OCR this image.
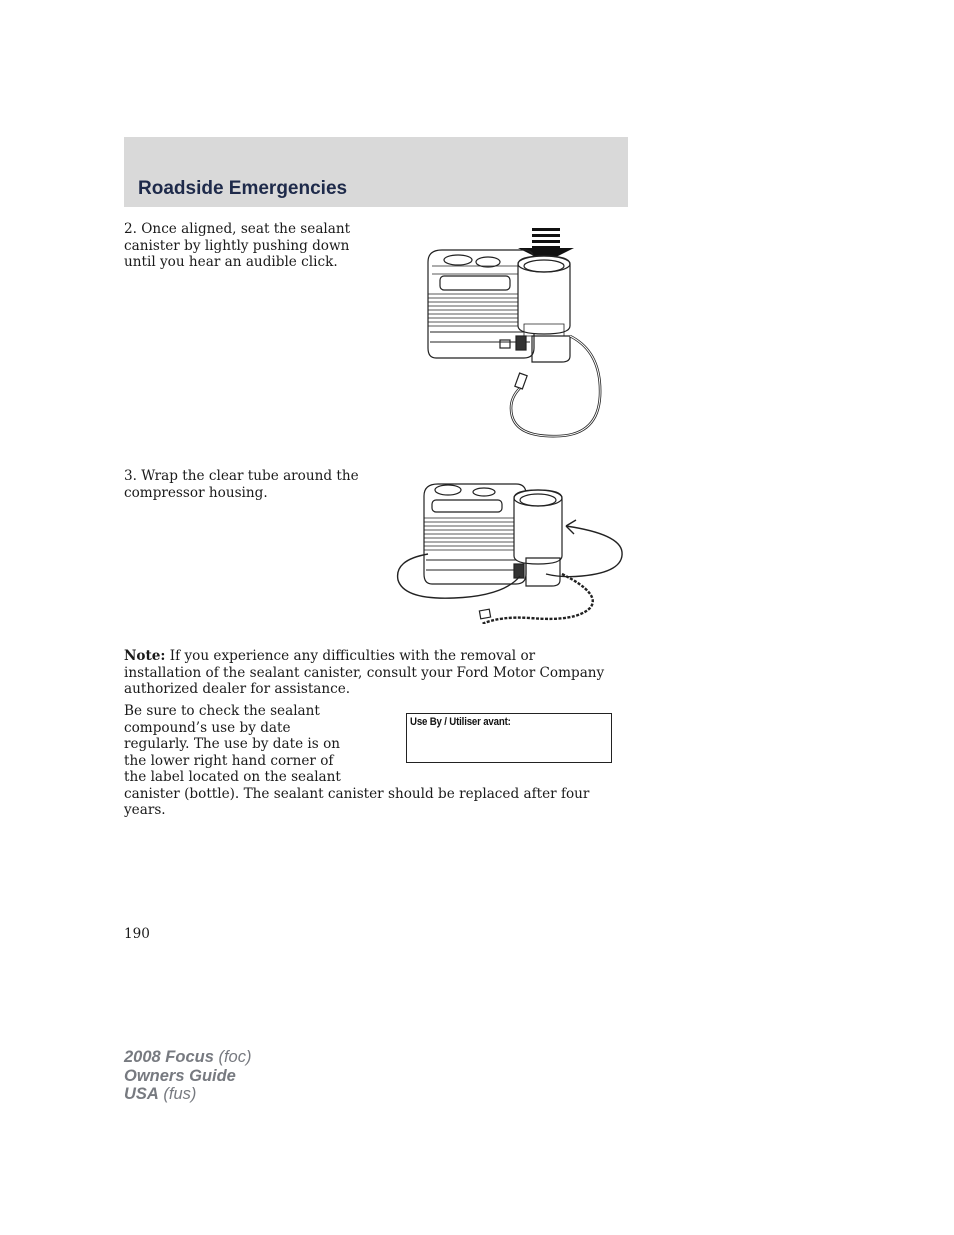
Roadside Emergencies
2. Once aligned, seat the sealant canister by lightly pushing down until you hear an audible click.
3. Wrap the clear tube around the compressor housing.
Note: If you experience any difficulties with the removal or installation of the sealant canister, consult your Ford Motor Company authorized dealer for assistance.
Be sure to check the sealant compound’s use by date regularly. The use by date is on the lower right hand corner of the label located on the sealant canister (bottle). The sealant canister should be replaced after four years.
Use By / Utiliser avant:
190
2008 Focus (foc)
Owners Guide
USA (fus)
